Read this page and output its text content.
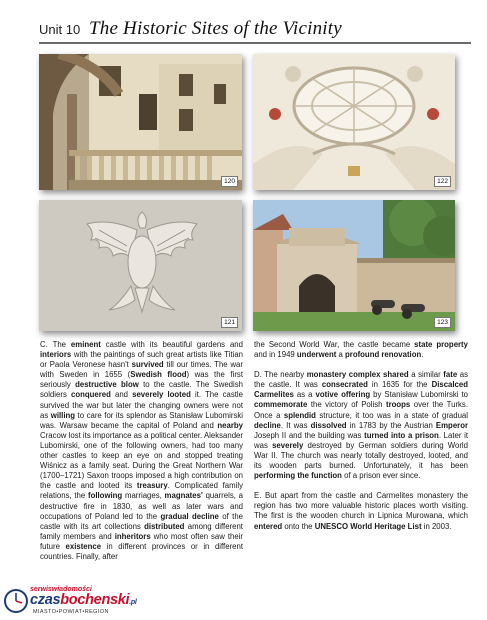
Unit 10 The Historic Sites of the Vicinity
120	122
121	123

C. The eminent castle with its beautiful gardens and interiors with the paintings of such great artists like Titian or Paola Veronese hasn't survived till our times. The war with Sweden in 1655 (Swedish flood) was the first seriously destructive blow to the castle. The Swedish soldiers conquered and severely looted it. The castle survived the war but later the changing owners were not as willing to care for its splendor as Stanisław Lubomirski was. Warsaw became the capital of Poland and nearby Cracow lost its importance as a political center. Aleksander Lubomirski, one of the following owners, had too many other castles to keep an eye on and stopped treating Wiśnicz as a family seat. During the Great Northern War (1700–1721) Saxon troops imposed a high contribution on the castle and looted its treasury. Complicated family relations, the following marriages, magnates' quarrels, a destructive fire in 1830, as well as later wars and occupations of Poland led to the gradual decline of the castle with its art collections distributed among different family members and inheritors who most often saw their future existence in different provinces or in different countries. Finally, after

the Second World War, the castle became state property and in 1949 underwent a profound renovation.

D. The nearby monastery complex shared a similar fate as the castle. It was consecrated in 1635 for the Discalced Carmelites as a votive offering by Stanisław Lubomirski to commemorate the victory of Polish troops over the Turks. Once a splendid structure, it too was in a state of gradual decline. It was dissolved in 1783 by the Austrian Emperor Joseph II and the building was turned into a prison. Later it was severely destroyed by German soldiers during World War II. The church was nearly totally destroyed, looted, and its wooden parts burned. Unfortunately, it has been performing the function of a prison ever since.

E. But apart from the castle and Carmelites monastery the region has two more valuable historic places worth visiting. The first is the wooden church in Lipnica Murowana, which entered onto the UNESCO World Heritage List in 2003.

serwiswiadomości
czasbochenski.pl
MIASTO•POWIAT•REGION
